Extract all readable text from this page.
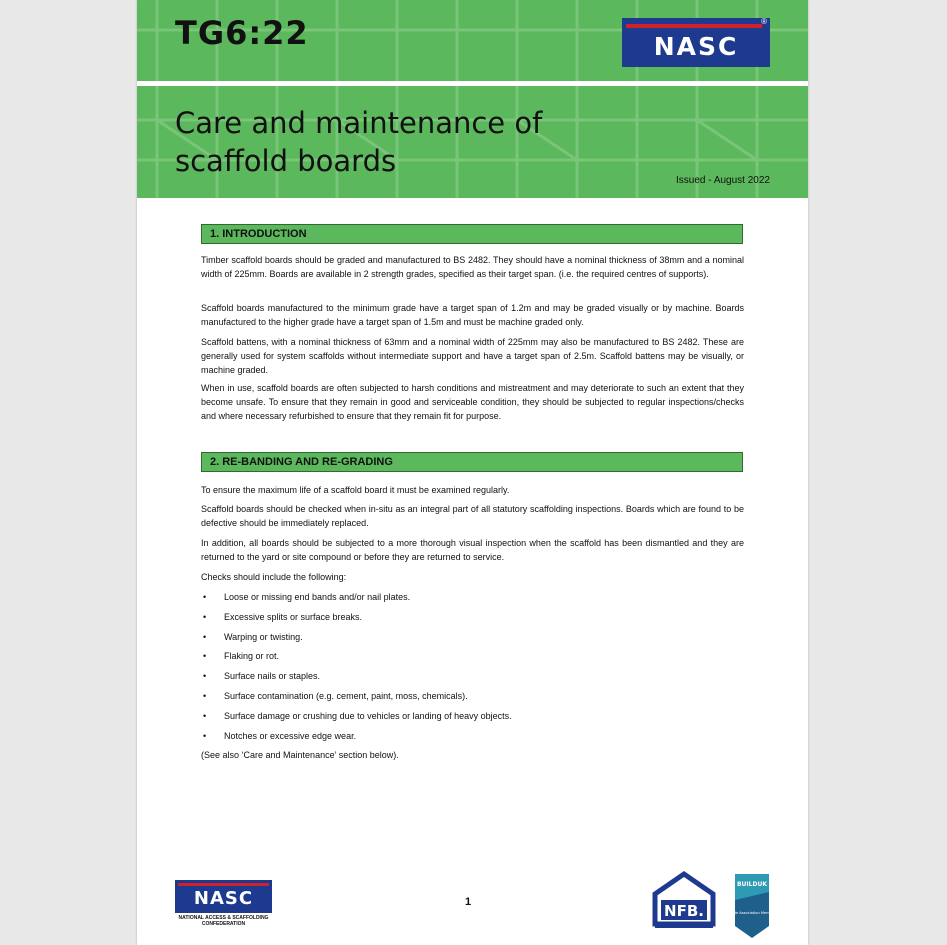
TG6:22
Care and maintenance of scaffold boards
Issued - August 2022
NASC
®
1. INTRODUCTION
Timber scaffold boards should be graded and manufactured to BS 2482. They should have a nominal thickness of 38mm and a nominal width of 225mm. Boards are available in 2 strength grades, specified as their target span. (i.e. the required centres of supports).
Scaffold boards manufactured to the minimum grade have a target span of 1.2m and may be graded visually or by machine. Boards manufactured to the higher grade have a target span of 1.5m and must be machine graded only.
Scaffold battens, with a nominal thickness of 63mm and a nominal width of 225mm may also be manufactured to BS 2482. These are generally used for system scaffolds without intermediate support and have a target span of 2.5m. Scaffold battens may be visually, or machine graded.
When in use, scaffold boards are often subjected to harsh conditions and mistreatment and may deteriorate to such an extent that they become unsafe. To ensure that they remain in good and serviceable condition, they should be subjected to regular inspections/checks and where necessary refurbished to ensure that they remain fit for purpose.
2. RE-BANDING AND RE-GRADING
To ensure the maximum life of a scaffold board it must be examined regularly.
Scaffold boards should be checked when in-situ as an integral part of all statutory scaffolding inspections. Boards which are found to be defective should be immediately replaced.
In addition, all boards should be subjected to a more thorough visual inspection when the scaffold has been dismantled and they are returned to the yard or site compound or before they are returned to service.
Checks should include the following:
• Loose or missing end bands and/or nail plates.
• Excessive splits or surface breaks.
• Warping or twisting.
• Flaking or rot.
• Surface nails or staples.
• Surface contamination (e.g. cement, paint, moss, chemicals).
• Surface damage or crushing due to vehicles or landing of heavy objects.
• Notches or excessive edge wear.
(See also ‘Care and Maintenance’ section below).
NASC
NATIONAL ACCESS & SCAFFOLDING
CONFEDERATION
1	NFB.
BUILDUK
Trade Association Member
